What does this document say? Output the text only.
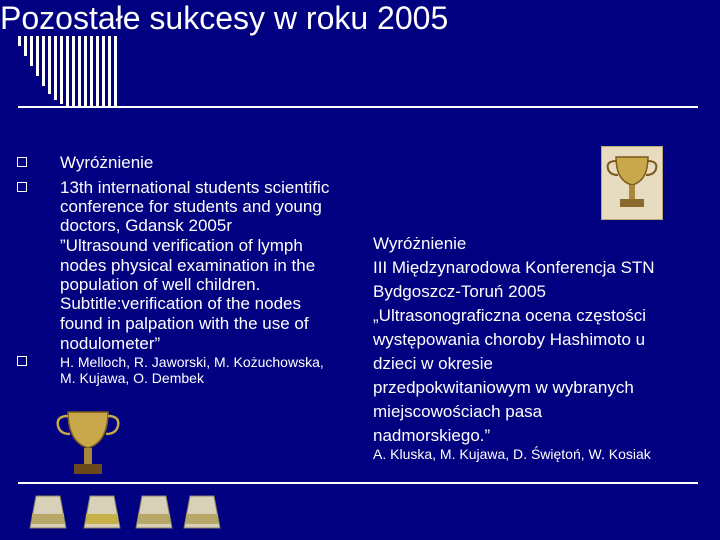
Pozostałe sukcesy w roku 2005
Wyróżnienie
13th international students scientific
conference for students and young
doctors, Gdansk 2005r
”Ultrasound verification of lymph
nodes physical examination in the
population of well children.
Subtitle:verification of the nodes
found in palpation with the use of
nodulometer”
H. Melloch, R. Jaworski, M. Kożuchowska,
M. Kujawa, O. Dembek
Wyróżnienie
III Międzynarodowa Konferencja STN
Bydgoszcz-Toruń 2005
„Ultrasonograficzna ocena częstości
występowania choroby Hashimoto u
dzieci w okresie
przedpokwitaniowym w wybranych
miejscowościach pasa
nadmorskiego.”
A. Kluska, M. Kujawa, D. Świętoń, W. Kosiak
